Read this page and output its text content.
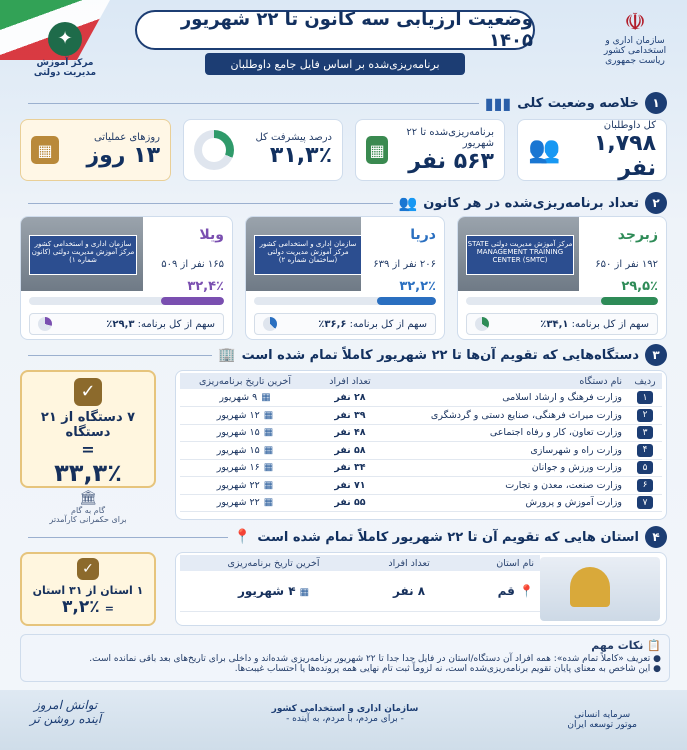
✦
مرکز آموزش
مدیریت دولتی
وضعیت ارزیابی سه کانون تا ۲۲ شهریور ۱۴۰۵
برنامه‌ریزی‌شده بر اساس فایل جامع داوطلبان
☫
سازمان اداری و استخدامی کشور
ریاست جمهوری
۱
خلاصه وضعیت کلی
▮▮▮
کل داوطلبان
۱,۷۹۸ نفر
👥
برنامه‌ریزی‌شده تا ۲۲ شهریور
۵۶۳ نفر
▦
درصد پیشرفت کل
۳۱,۳٪
روزهای عملیاتی
۱۳ روز
▦
۲
تعداد برنامه‌ریزی‌شده در هر کانون
👥
مرکز آموزش مدیریت دولتی STATE MANAGEMENT TRAINING CENTER (SMTC)
زبرجد
۱۹۲ نفر از ۶۵۰
۲۹,۵٪
سهم از کل برنامه: ۳۴,۱٪
سازمان اداری و استخدامی کشور مرکز آموزش مدیریت دولتی (ساختمان شماره ۲)
دریا
۲۰۶ نفر از ۶۳۹
۳۲,۲٪
سهم از کل برنامه: ۳۶,۶٪
سازمان اداری و استخدامی کشور مرکز آموزش مدیریت دولتی (کانون شماره ۱)
ویلا
۱۶۵ نفر از ۵۰۹
۳۲,۴٪
سهم از کل برنامه: ۲۹,۳٪
۳
دستگاه‌هایی که تقویم آن‌ها تا ۲۲ شهریور کاملاً تمام شده است
🏢
ردیف	نام دستگاه	تعداد افراد	آخرین تاریخ برنامه‌ریزی
۱	وزارت فرهنگ و ارشاد اسلامی	۲۸ نفر	▦۹ شهریور
۲	وزارت میراث فرهنگی، صنایع دستی و گردشگری	۳۹ نفر	▦۱۲ شهریور
۳	وزارت تعاون، کار و رفاه اجتماعی	۴۸ نفر	▦۱۵ شهریور
۴	وزارت راه و شهرسازی	۵۸ نفر	▦۱۵ شهریور
۵	وزارت ورزش و جوانان	۳۴ نفر	▦۱۶ شهریور
۶	وزارت صنعت، معدن و تجارت	۷۱ نفر	▦۲۲ شهریور
۷	وزارت آموزش و پرورش	۵۵ نفر	▦۲۲ شهریور
✓
۷ دستگاه از ۲۱ دستگاه
=
۳۳,۳٪
🏛
گام به گام
برای حکمرانی کارآمدتر
۴
استان هایی که تقویم آن تا ۲۲ شهریور کاملاً تمام شده است
📍
نام استان	تعداد افراد	آخرین تاریخ برنامه‌ریزی
📍 قم	۸ نفر	▦۴ شهریور
✓
۱ استان از ۳۱ استان
= ۳,۲٪
📋 نکات مهم
● تعریف «کاملاً تمام شده»: همه افراد آن دستگاه/استان در فایل جدا جدا تا ۲۲ شهریور برنامه‌ریزی شده‌اند و داخلی برای تاریخ‌های بعد باقی نمانده است.
● این شاخص به معنای پایان تقویم برنامه‌ریزی‌شده است، نه لزوماً ثبت تام نهایی همه پرونده‌ها یا احتساب غیبت‌ها.
توانش امروز
آینده روشن تر
سازمان اداری و استخدامی کشور
- برای مردم، با مردم، به آینده -	سرمایه انسانی
موتور توسعه ایران
